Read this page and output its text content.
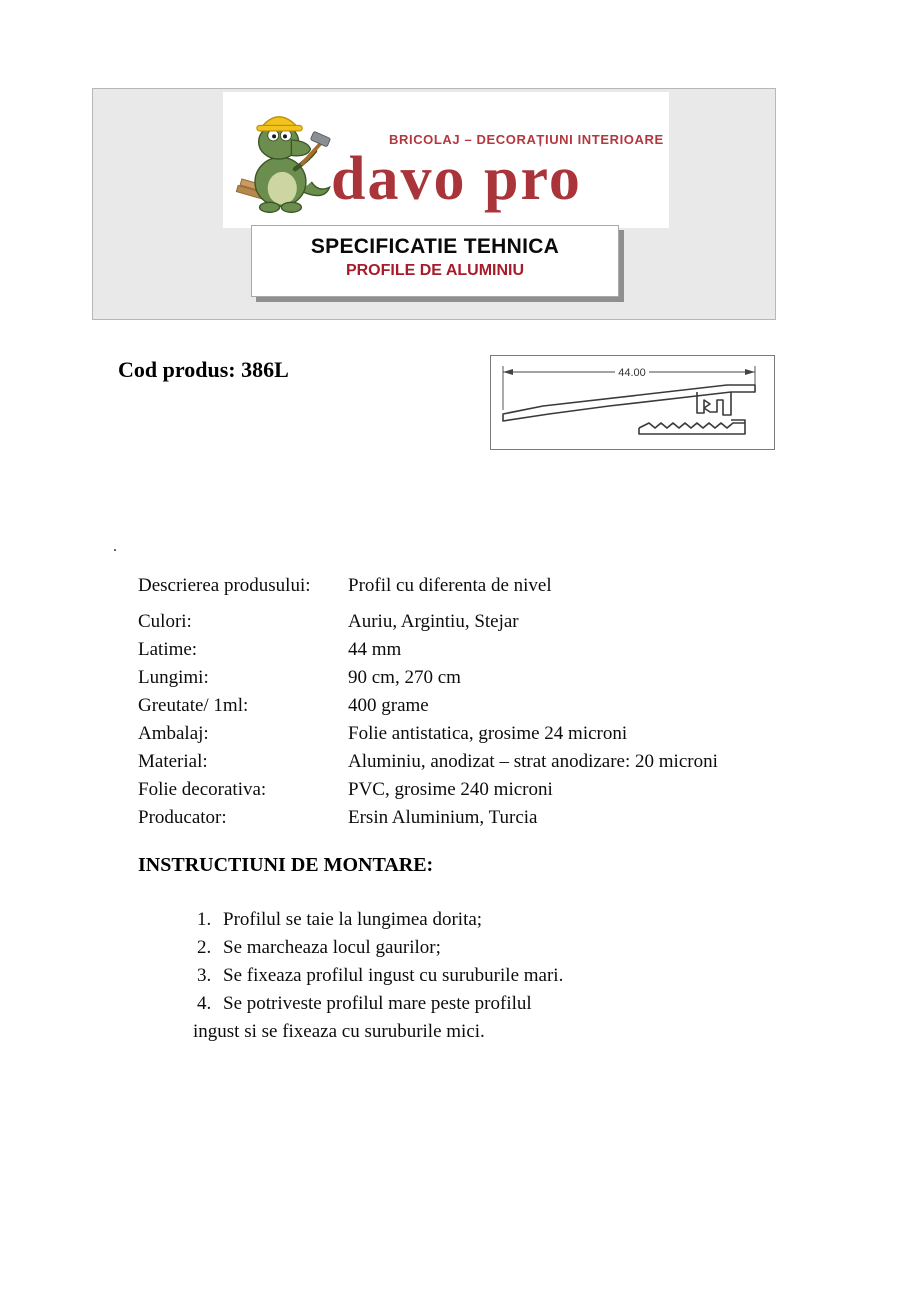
BRICOLAJ – DECORAȚIUNI INTERIOARE
davo pro
SPECIFICATIE TEHNICA
PROFILE DE ALUMINIU
Cod produs: 386L	44.00
.
Descrierea produsului: Profil cu diferenta de nivel
Culori:	Auriu, Argintiu, Stejar
Latime:	44 mm
Lungimi:	90 cm, 270 cm
Greutate/ 1ml:	400 grame
Ambalaj:	Folie antistatica, grosime 24 microni
Material:	Aluminiu, anodizat – strat anodizare: 20 microni
Folie decorativa:	PVC, grosime 240 microni
Producator:	Ersin Aluminium, Turcia
INSTRUCTIUNI DE MONTARE:
1. Profilul se taie la lungimea dorita;
2. Se marcheaza locul gaurilor;
3. Se fixeaza profilul ingust cu suruburile mari.
4. Se potriveste profilul mare peste profilul
ingust si se fixeaza cu suruburile mici.
